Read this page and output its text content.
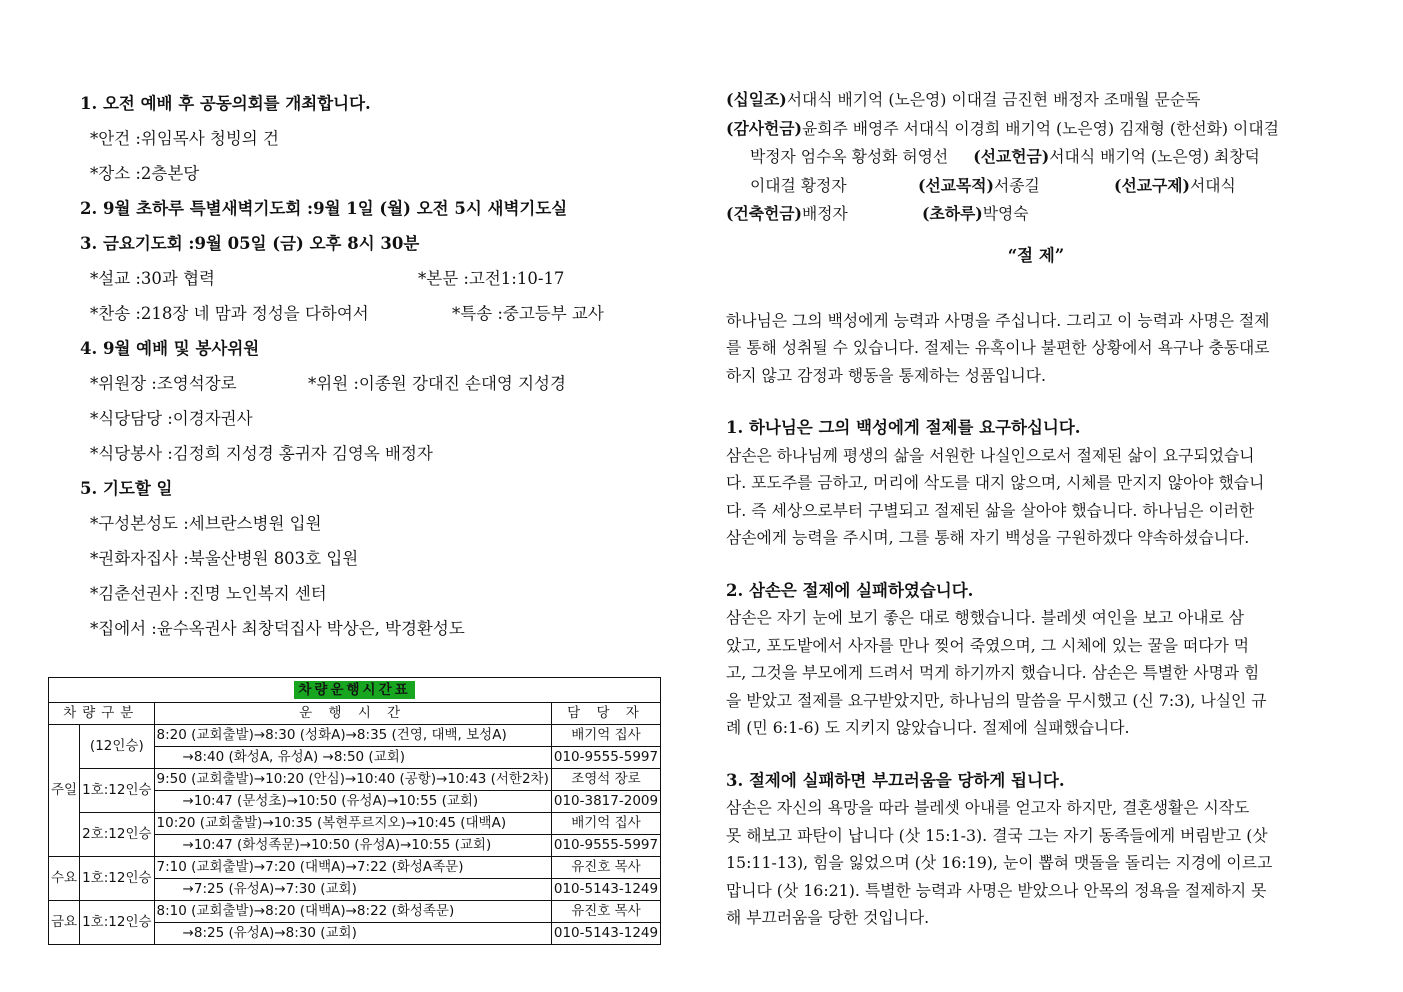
1. 오전 예배 후 공동의회를 개최합니다.
*안건 :위임목사 청빙의 건
*장소 :2층본당
2. 9월 초하루 특별새벽기도회 :9월 1일 (월) 오전 5시 새벽기도실
3. 금요기도회 :9월 05일 (금) 오후 8시 30분
*설교 :30과 협력	*본문 :고전1:10-17
*찬송 :218장 네 맘과 정성을 다하여서	*특송 :중고등부 교사
4. 9월 예배 및 봉사위원
*위원장 :조영석장로	*위원 :이종원 강대진 손대영 지성경
*식당담당 :이경자권사
*식당봉사 :김정희 지성경 홍귀자 김영옥 배정자
5. 기도할 일
*구성본성도 :세브란스병원 입원
*권화자집사 :북울산병원 803호 입원
*김춘선권사 :진명 노인복지 센터
*집에서 :윤수옥권사 최창덕집사 박상은, 박경환성도
차량운행시간표			
차량구분		운 행 시 간	담 당 자
주일	(12인승)	8:20 (교회출발)→8:30 (성화A)→8:35 (건영, 대백, 보성A)	배기억 집사
		→8:40 (화성A, 유성A) →8:50 (교회)	010-9555-5997
	1호:12인승	9:50 (교회출발)→10:20 (안심)→10:40 (공항)→10:43 (서한2차)	조영석 장로
		→10:47 (문성초)→10:50 (유성A)→10:55 (교회)	010-3817-2009
	2호:12인승	10:20 (교회출발)→10:35 (복현푸르지오)→10:45 (대백A)	배기억 집사
		→10:47 (화성족문)→10:50 (유성A)→10:55 (교회)	010-9555-5997
수요	1호:12인승	7:10 (교회출발)→7:20 (대백A)→7:22 (화성A족문)	유진호 목사
		→7:25 (유성A)→7:30 (교회)	010-5143-1249
금요	1호:12인승	8:10 (교회출발)→8:20 (대백A)→8:22 (화성족문)	유진호 목사
		→8:25 (유성A)→8:30 (교회)	010-5143-1249
(십일조)서대식 배기억 (노은영) 이대걸 금진현 배정자 조매월 문순독
(감사헌금)윤희주 배영주 서대식 이경희 배기억 (노은영) 김재형 (한선화) 이대걸
박정자 엄수옥 황성화 허영선 (선교헌금)서대식 배기억 (노은영) 최창덕
이대걸 황정자	(선교목적)서종길	(선교구제)서대식
(건축헌금)배정자	(초하루)박영숙
“절 제”
하나님은 그의 백성에게 능력과 사명을 주십니다. 그리고 이 능력과 사명은 절제
를 통해 성취될 수 있습니다. 절제는 유혹이나 불편한 상황에서 욕구나 충동대로
하지 않고 감정과 행동을 통제하는 성품입니다.
1. 하나님은 그의 백성에게 절제를 요구하십니다.
삼손은 하나님께 평생의 삶을 서원한 나실인으로서 절제된 삶이 요구되었습니
다. 포도주를 금하고, 머리에 삭도를 대지 않으며, 시체를 만지지 않아야 했습니
다. 즉 세상으로부터 구별되고 절제된 삶을 살아야 했습니다. 하나님은 이러한
삼손에게 능력을 주시며, 그를 통해 자기 백성을 구원하겠다 약속하셨습니다.
2. 삼손은 절제에 실패하였습니다.
삼손은 자기 눈에 보기 좋은 대로 행했습니다. 블레셋 여인을 보고 아내로 삼
았고, 포도밭에서 사자를 만나 찢어 죽였으며, 그 시체에 있는 꿀을 떠다가 먹
고, 그것을 부모에게 드려서 먹게 하기까지 했습니다. 삼손은 특별한 사명과 힘
을 받았고 절제를 요구받았지만, 하나님의 말씀을 무시했고 (신 7:3), 나실인 규
례 (민 6:1-6) 도 지키지 않았습니다. 절제에 실패했습니다.
3. 절제에 실패하면 부끄러움을 당하게 됩니다.
삼손은 자신의 욕망을 따라 블레셋 아내를 얻고자 하지만, 결혼생활은 시작도
못 해보고 파탄이 납니다 (삿 15:1-3). 결국 그는 자기 동족들에게 버림받고 (삿
15:11-13), 힘을 잃었으며 (삿 16:19), 눈이 뽑혀 맷돌을 돌리는 지경에 이르고
맙니다 (삿 16:21). 특별한 능력과 사명은 받았으나 안목의 정욕을 절제하지 못
해 부끄러움을 당한 것입니다.
